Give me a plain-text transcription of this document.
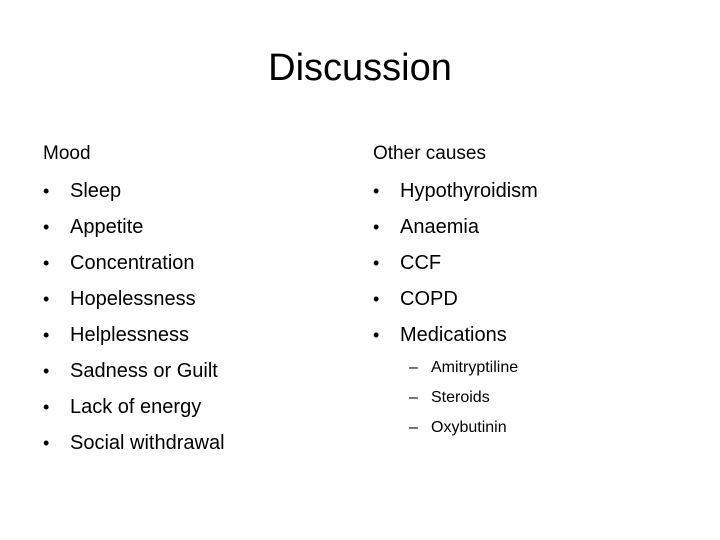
Discussion
Mood
•	Sleep
•	Appetite
•	Concentration
•	Hopelessness
•	Helplessness
•	Sadness or Guilt
•	Lack of energy
•	Social withdrawal
Other causes
•	Hypothyroidism
•	Anaemia
•	CCF
•	COPD
•	Medications
– Amitryptiline
– Steroids
– Oxybutinin
